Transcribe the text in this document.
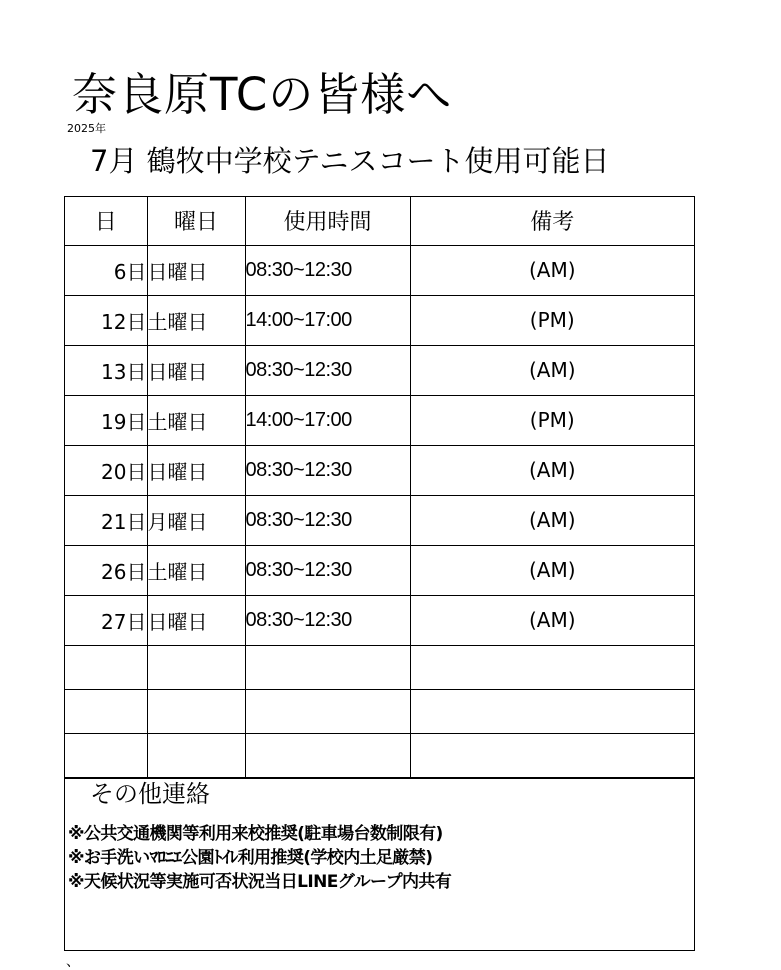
奈良原TCの皆様へ
2025年
7月 鶴牧中学校テニスコート使用可能日
日	曜日	使用時間	備考
6日	日曜日	08:30~12:30	(AM)
12日	土曜日	14:00~17:00	(PM)
13日	日曜日	08:30~12:30	(AM)
19日	土曜日	14:00~17:00	(PM)
20日	日曜日	08:30~12:30	(AM)
21日	月曜日	08:30~12:30	(AM)
26日	土曜日	08:30~12:30	(AM)
27日	日曜日	08:30~12:30	(AM)

その他連絡
※公共交通機関等利用来校推奨(駐車場台数制限有)
※お手洗いﾏﾛﾆｴ公園ﾄｲﾚ利用推奨(学校内土足厳禁)
※天候状況等実施可否状況当日LINEグループ内共有
、
